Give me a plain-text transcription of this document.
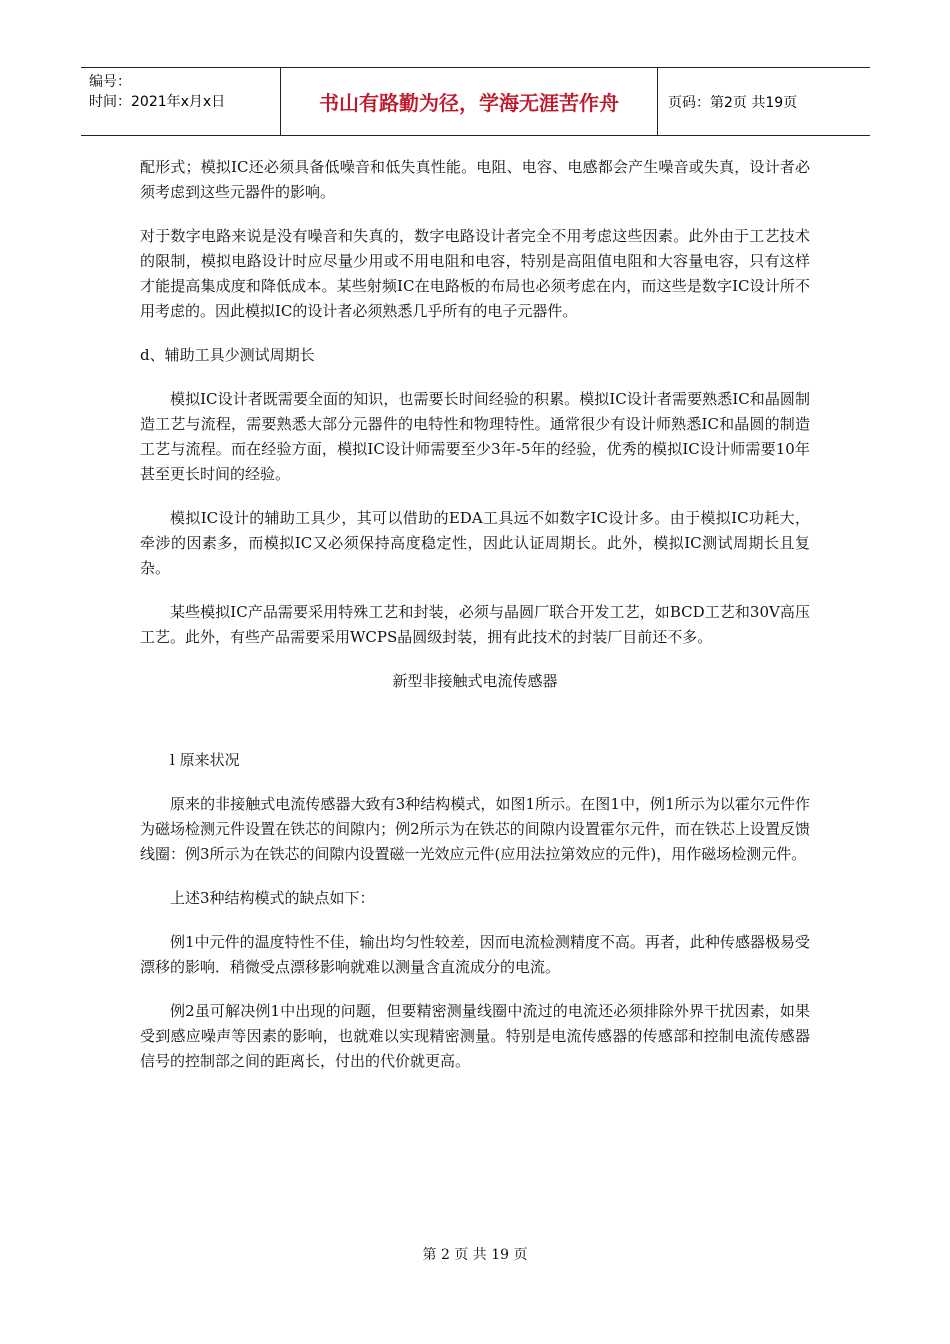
编号：
时间：2021年x月x日	书山有路勤为径，学海无涯苦作舟	页码：第2页 共19页

配形式；模拟IC还必须具备低噪音和低失真性能。电阻、电容、电感都会产生噪音或失真，设计者必须考虑到这些元器件的影响。

对于数字电路来说是没有噪音和失真的，数字电路设计者完全不用考虑这些因素。此外由于工艺技术的限制，模拟电路设计时应尽量少用或不用电阻和电容，特别是高阻值电阻和大容量电容，只有这样才能提高集成度和降低成本。某些射频IC在电路板的布局也必须考虑在内，而这些是数字IC设计所不用考虑的。因此模拟IC的设计者必须熟悉几乎所有的电子元器件。

d、辅助工具少测试周期长

模拟IC设计者既需要全面的知识，也需要长时间经验的积累。模拟IC设计者需要熟悉IC和晶圆制造工艺与流程，需要熟悉大部分元器件的电特性和物理特性。通常很少有设计师熟悉IC和晶圆的制造工艺与流程。而在经验方面，模拟IC设计师需要至少3年-5年的经验，优秀的模拟IC设计师需要10年甚至更长时间的经验。

模拟IC设计的辅助工具少，其可以借助的EDA工具远不如数字IC设计多。由于模拟IC功耗大，牵涉的因素多，而模拟IC又必须保持高度稳定性，因此认证周期长。此外，模拟IC测试周期长且复杂。

某些模拟IC产品需要采用特殊工艺和封装，必须与晶圆厂联合开发工艺，如BCD工艺和30V高压工艺。此外，有些产品需要采用WCPS晶圆级封装，拥有此技术的封装厂目前还不多。

新型非接触式电流传感器

l 原来状况

原来的非接触式电流传感器大致有3种结构模式，如图1所示。在图1中，例1所示为以霍尔元件作为磁场检测元件设置在铁芯的间隙内；例2所示为在铁芯的间隙内设置霍尔元件，而在铁芯上设置反馈线圈：例3所示为在铁芯的间隙内设置磁一光效应元件(应用法拉第效应的元件)，用作磁场检测元件。

上述3种结构模式的缺点如下：

例1中元件的温度特性不佳，输出均匀性较差，因而电流检测精度不高。再者，此种传感器极易受漂移的影响．稍微受点漂移影响就难以测量含直流成分的电流。

例2虽可解决例1中出现的问题，但要精密测量线圈中流过的电流还必须排除外界干扰因素，如果受到感应噪声等因素的影响，也就难以实现精密测量。特别是电流传感器的传感部和控制电流传感器信号的控制部之间的距离长，付出的代价就更高。

第 2 页 共 19 页
